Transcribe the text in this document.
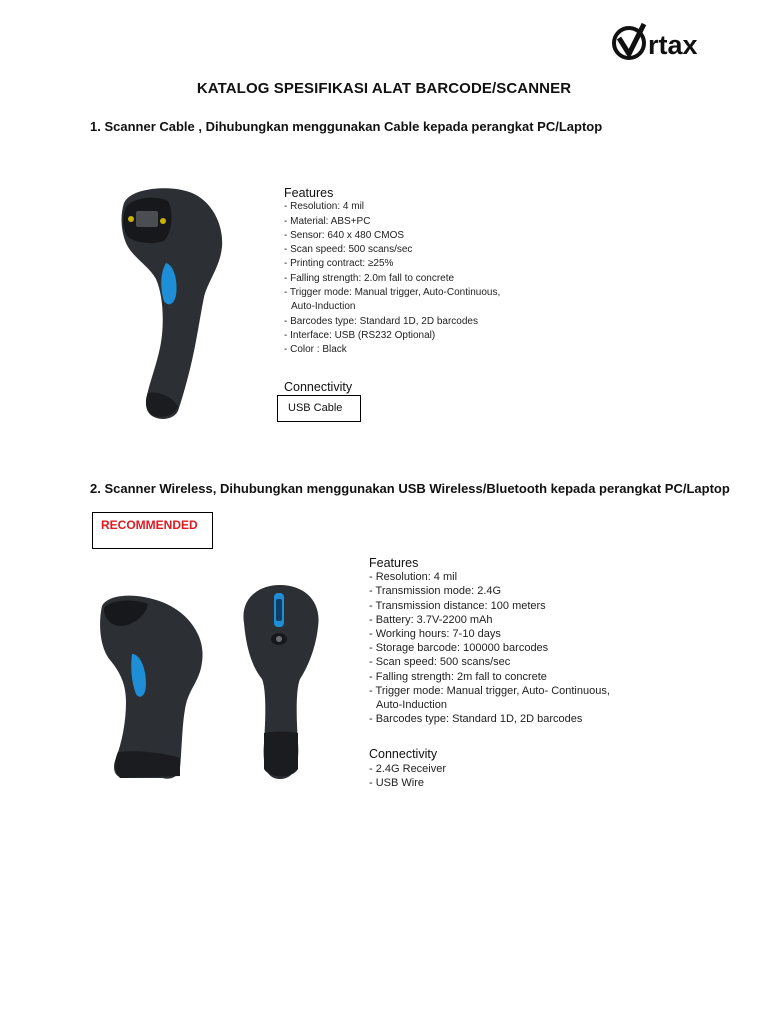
rtax
KATALOG SPESIFIKASI ALAT BARCODE/SCANNER
1. Scanner Cable , Dihubungkan menggunakan Cable kepada perangkat PC/Laptop
Features
- Resolution: 4 mil
- Material: ABS+PC
- Sensor: 640 x 480 CMOS
- Scan speed: 500 scans/sec
- Printing contract: ≥25%
- Falling strength: 2.0m fall to concrete
- Trigger mode: Manual trigger, Auto-Continuous,
Auto-Induction
- Barcodes type: Standard 1D, 2D barcodes
- Interface: USB (RS232 Optional)
- Color : Black
Connectivity
USB Cable
2. Scanner Wireless, Dihubungkan menggunakan USB Wireless/Bluetooth kepada perangkat PC/Laptop
RECOMMENDED
Features
- Resolution: 4 mil
- Transmission mode: 2.4G
- Transmission distance: 100 meters
- Battery: 3.7V-2200 mAh
- Working hours: 7-10 days
- Storage barcode: 100000 barcodes
- Scan speed: 500 scans/sec
- Falling strength: 2m fall to concrete
- Trigger mode: Manual trigger, Auto- Continuous,
Auto-Induction
- Barcodes type: Standard 1D, 2D barcodes
Connectivity
- 2.4G Receiver
- USB Wire
